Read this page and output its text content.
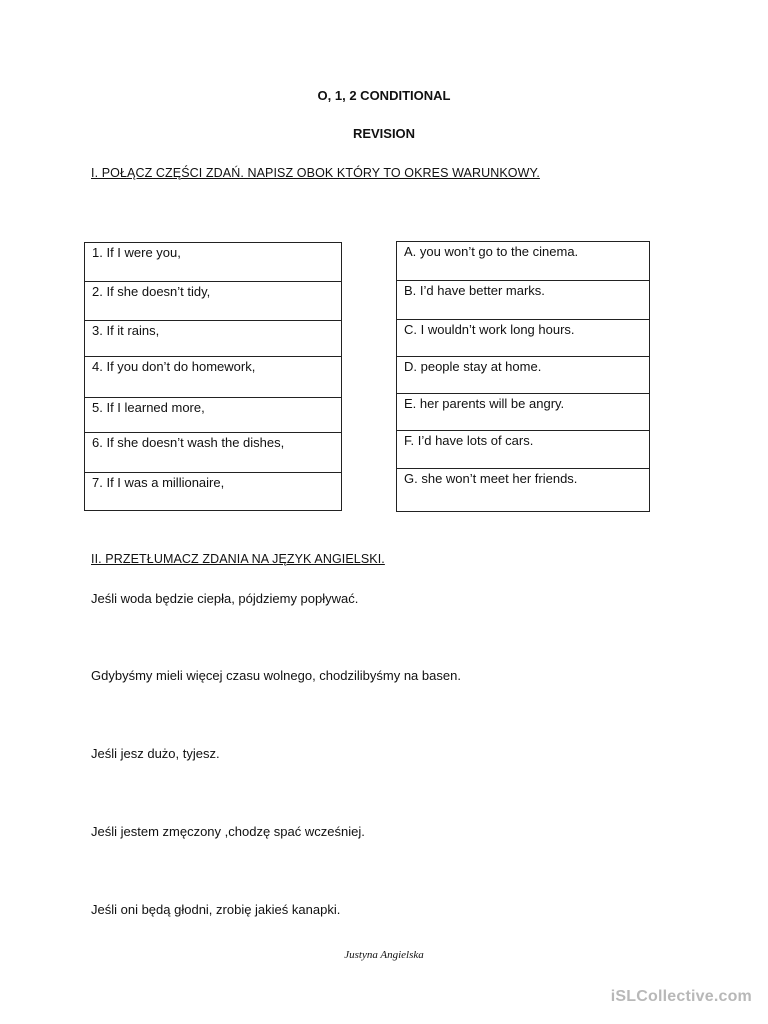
O, 1, 2 CONDITIONAL
REVISION
I. POŁĄCZ CZĘŚCI ZDAŃ. NAPISZ OBOK KTÓRY TO OKRES WARUNKOWY.
1. If I were you,

2. If she doesn’t tidy,

3. If it rains,

4. If you don’t do homework,

5. If I learned more,

6. If she doesn’t wash the dishes,

7. If I was a millionaire,
A. you won’t go to the cinema.

B. I’d have better marks.

C. I wouldn’t work long hours.

D. people stay at home.

E. her parents will be angry.

F. I’d have lots of cars.

G. she won’t meet her friends.
II. PRZETŁUMACZ ZDANIA NA JĘZYK ANGIELSKI.
Jeśli woda będzie ciepła, pójdziemy popływać.
Gdybyśmy mieli więcej czasu wolnego, chodzilibyśmy na basen.
Jeśli jesz dużo, tyjesz.
Jeśli jestem zmęczony ,chodzę spać wcześniej.
Jeśli oni będą głodni, zrobię jakieś kanapki.
Justyna Angielska
iSLCollective.com
